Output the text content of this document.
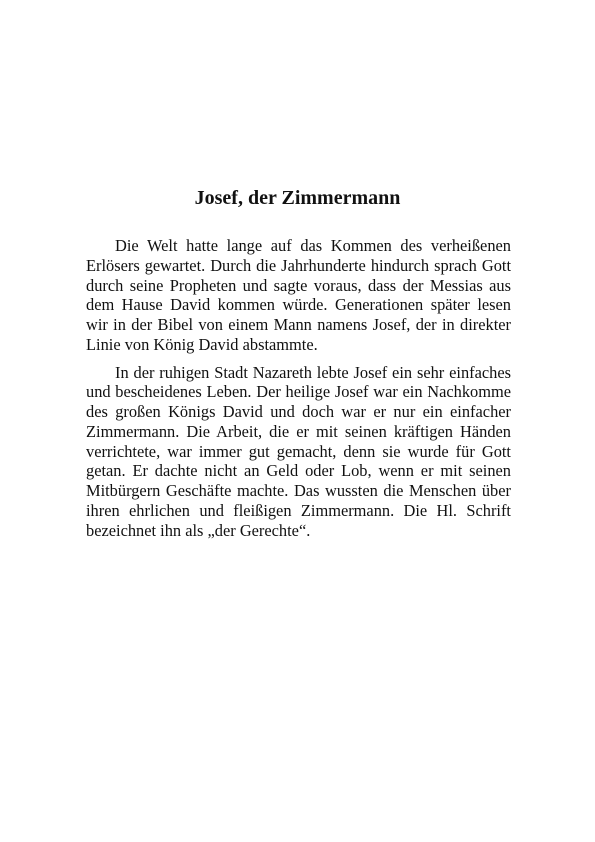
Josef, der Zimmermann

Die Welt hatte lange auf das Kommen des verheißenen Erlösers gewartet. Durch die Jahrhunderte hindurch sprach Gott durch seine Propheten und sagte voraus, dass der Messias aus dem Hause David kommen würde. Generationen später lesen wir in der Bibel von einem Mann namens Josef, der in direkter Linie von König David abstammte.

In der ruhigen Stadt Nazareth lebte Josef ein sehr einfaches und bescheidenes Leben. Der heilige Josef war ein Nachkomme des großen Königs David und doch war er nur ein einfacher Zimmermann. Die Arbeit, die er mit seinen kräftigen Händen verrichtete, war immer gut gemacht, denn sie wurde für Gott getan. Er dachte nicht an Geld oder Lob, wenn er mit seinen Mitbürgern Geschäfte machte. Das wussten die Menschen über ihren ehrlichen und fleißigen Zimmermann. Die Hl. Schrift bezeichnet ihn als „der Gerechte“.
